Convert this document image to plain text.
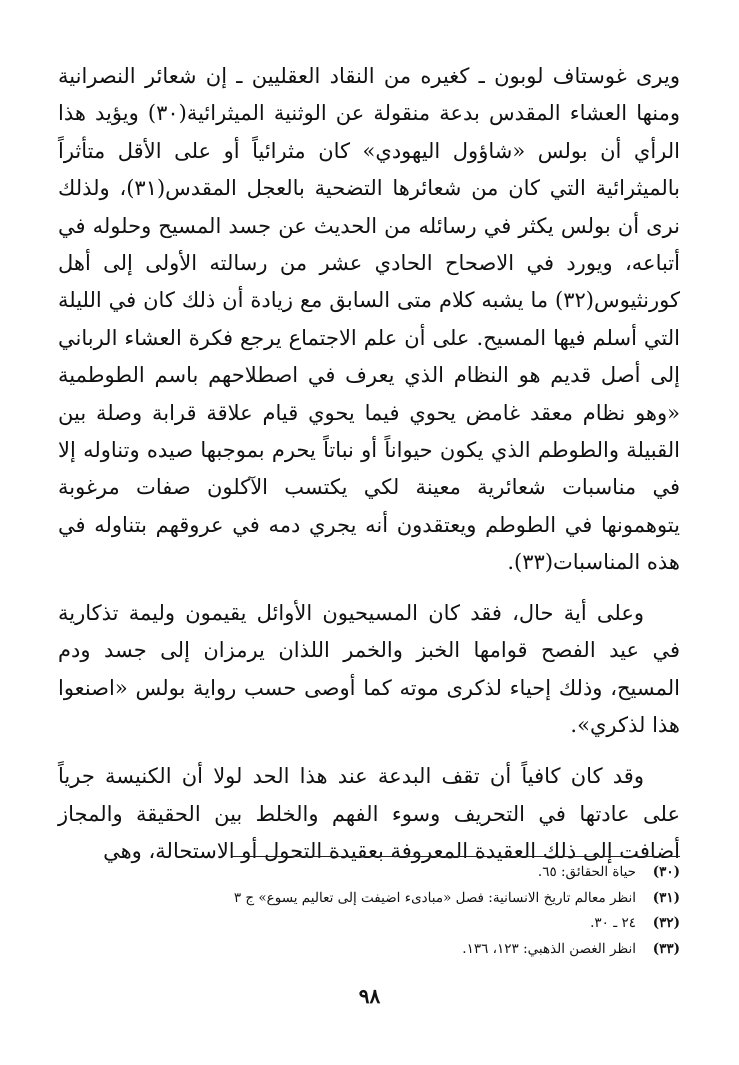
ويرى غوستاف لوبون ـ كغيره من النقاد العقليين ـ إن شعائر النصرانية ومنها العشاء المقدس بدعة منقولة عن الوثنية الميثرائية(٣٠) ويؤيد هذا الرأي أن بولس «شاؤول اليهودي» كان مثرائياً أو على الأقل متأثراً بالميثرائية التي كان من شعائرها التضحية بالعجل المقدس(٣١)، ولذلك نرى أن بولس يكثر في رسائله من الحديث عن جسد المسيح وحلوله في أتباعه، ويورد في الاصحاح الحادي عشر من رسالته الأولى إلى أهل كورنثيوس(٣٢) ما يشبه كلام متى السابق مع زيادة أن ذلك كان في الليلة التي أسلم فيها المسيح. على أن علم الاجتماع يرجع فكرة العشاء الرباني إلى أصل قديم هو النظام الذي يعرف في اصطلاحهم باسم الطوطمية «وهو نظام معقد غامض يحوي فيما يحوي قيام علاقة قرابة وصلة بين القبيلة والطوطم الذي يكون حيواناً أو نباتاً يحرم بموجبها صيده وتناوله إلا في مناسبات شعائرية معينة لكي يكتسب الآكلون صفات مرغوبة يتوهمونها في الطوطم ويعتقدون أنه يجري دمه في عروقهم بتناوله في هذه المناسبات(٣٣).

وعلى أية حال، فقد كان المسيحيون الأوائل يقيمون وليمة تذكارية في عيد الفصح قوامها الخبز والخمر اللذان يرمزان إلى جسد ودم المسيح، وذلك إحياء لذكرى موته كما أوصى حسب رواية بولس «اصنعوا هذا لذكري».

وقد كان كافياً أن تقف البدعة عند هذا الحد لولا أن الكنيسة جرياً على عادتها في التحريف وسوء الفهم والخلط بين الحقيقة والمجاز أضافت إلى ذلك العقيدة المعروفة بعقيدة التحول أو الاستحالة، وهي

(٣٠)
حياة الحقائق: ٦٥.
(٣١)
انظر معالم تاريخ الانسانية: فصل «مبادىء اضيفت إلى تعاليم يسوع» ج ٣
(٣٢)
٢٤ ـ ٣٠.
(٣٣)
انظر الغصن الذهبي: ١٢٣، ١٣٦.
٩٨
